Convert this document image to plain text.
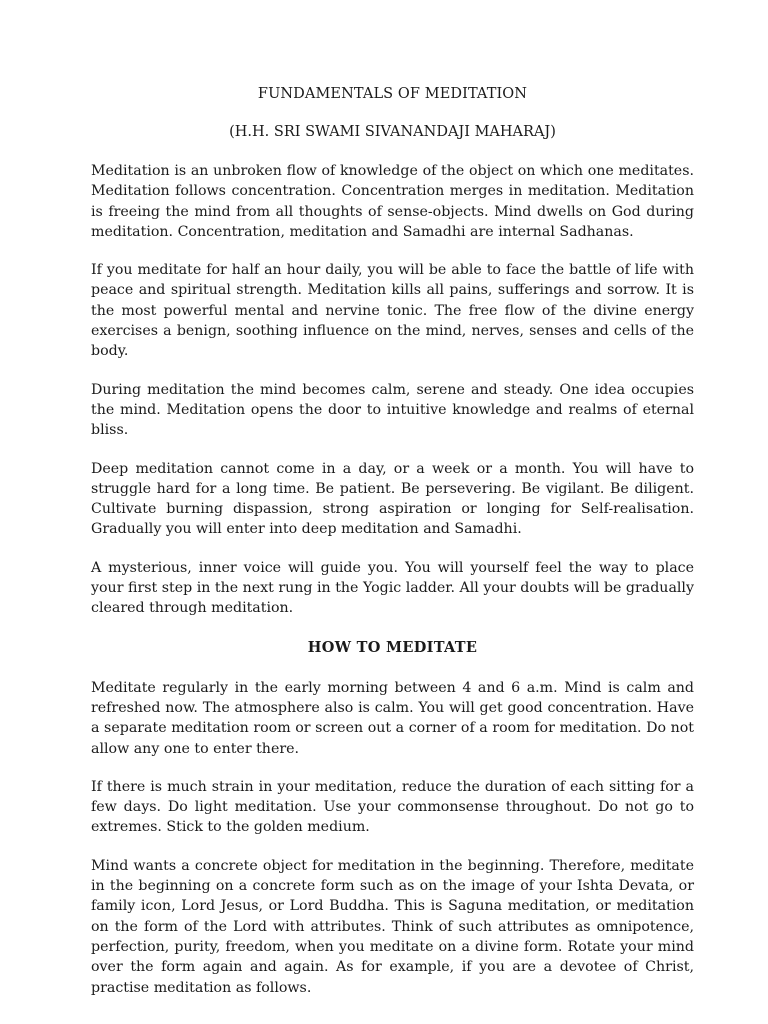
FUNDAMENTALS OF MEDITATION
(H.H. SRI SWAMI SIVANANDAJI MAHARAJ)

Meditation is an unbroken flow of knowledge of the object on which one meditates. Meditation follows concentration. Concentration merges in meditation. Meditation is freeing the mind from all thoughts of sense-objects. Mind dwells on God during meditation. Concentration, meditation and Samadhi are internal Sadhanas.

If you meditate for half an hour daily, you will be able to face the battle of life with peace and spiritual strength. Meditation kills all pains, sufferings and sorrow. It is the most powerful mental and nervine tonic. The free flow of the divine energy exercises a benign, soothing influence on the mind, nerves, senses and cells of the body.

During meditation the mind becomes calm, serene and steady. One idea occupies the mind. Meditation opens the door to intuitive knowledge and realms of eternal bliss.

Deep meditation cannot come in a day, or a week or a month. You will have to struggle hard for a long time. Be patient. Be persevering. Be vigilant. Be diligent. Cultivate burning dispassion, strong aspiration or longing for Self-realisation. Gradually you will enter into deep meditation and Samadhi.

A mysterious, inner voice will guide you. You will yourself feel the way to place your first step in the next rung in the Yogic ladder. All your doubts will be gradually cleared through meditation.

HOW TO MEDITATE

Meditate regularly in the early morning between 4 and 6 a.m. Mind is calm and refreshed now. The atmosphere also is calm. You will get good concentration. Have a separate meditation room or screen out a corner of a room for meditation. Do not allow any one to enter there.

If there is much strain in your meditation, reduce the duration of each sitting for a few days. Do light meditation. Use your commonsense throughout. Do not go to extremes. Stick to the golden medium.

Mind wants a concrete object for meditation in the beginning. Therefore, meditate in the beginning on a concrete form such as on the image of your Ishta Devata, or family icon, Lord Jesus, or Lord Buddha. This is Saguna meditation, or meditation on the form of the Lord with attributes. Think of such attributes as omnipotence, perfection, purity, freedom, when you meditate on a divine form. Rotate your mind over the form again and again. As for example, if you are a devotee of Christ, practise meditation as follows.
